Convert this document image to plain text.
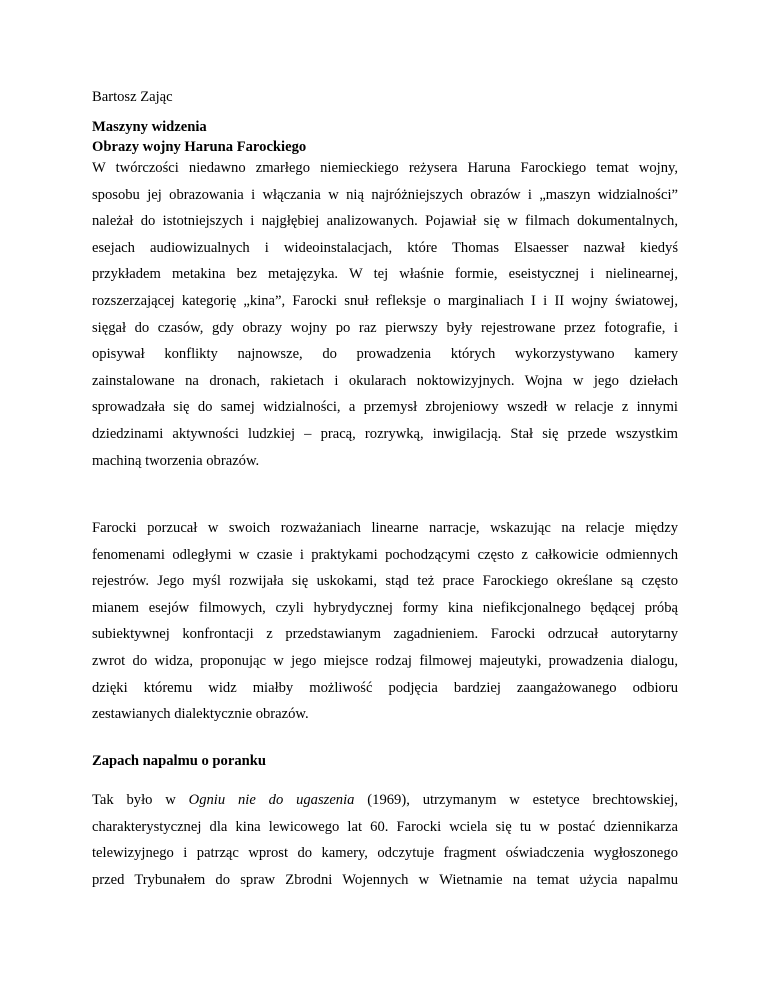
Bartosz Zając
Maszyny widzenia
Obrazy wojny Haruna Farockiego
W twórczości niedawno zmarłego niemieckiego reżysera Haruna Farockiego temat wojny,
sposobu jej obrazowania i włączania w nią najróżniejszych obrazów i „maszyn widzialności”
należał do istotniejszych i najgłębiej analizowanych. Pojawiał się w filmach dokumentalnych,
esejach audiowizualnych i wideoinstalacjach, które Thomas Elsaesser nazwał kiedyś
przykładem metakina bez metajęzyka. W tej właśnie formie, eseistycznej i nielinearnej,
rozszerzającej kategorię „kina”, Farocki snuł refleksje o marginaliach I i II wojny światowej,
sięgał do czasów, gdy obrazy wojny po raz pierwszy były rejestrowane przez fotografie, i
opisywał konflikty najnowsze, do prowadzenia których wykorzystywano kamery
zainstalowane na dronach, rakietach i okularach noktowizyjnych. Wojna w jego dziełach
sprowadzała się do samej widzialności, a przemysł zbrojeniowy wszedł w relacje z innymi
dziedzinami aktywności ludzkiej – pracą, rozrywką, inwigilacją. Stał się przede wszystkim
machiną tworzenia obrazów.
Farocki porzucał w swoich rozważaniach linearne narracje, wskazując na relacje między
fenomenami odległymi w czasie i praktykami pochodzącymi często z całkowicie odmiennych
rejestrów. Jego myśl rozwijała się uskokami, stąd też prace Farockiego określane są często
mianem esejów filmowych, czyli hybrydycznej formy kina niefikcjonalnego będącej próbą
subiektywnej konfrontacji z przedstawianym zagadnieniem. Farocki odrzucał autorytarny
zwrot do widza, proponując w jego miejsce rodzaj filmowej majeutyki, prowadzenia dialogu,
dzięki któremu widz miałby możliwość podjęcia bardziej zaangażowanego odbioru
zestawianych dialektycznie obrazów.
Zapach napalmu o poranku
Tak było w Ogniu nie do ugaszenia (1969), utrzymanym w estetyce brechtowskiej,
charakterystycznej dla kina lewicowego lat 60. Farocki wciela się tu w postać dziennikarza
telewizyjnego i patrząc wprost do kamery, odczytuje fragment oświadczenia wygłoszonego
przed Trybunałem do spraw Zbrodni Wojennych w Wietnamie na temat użycia napalmu
